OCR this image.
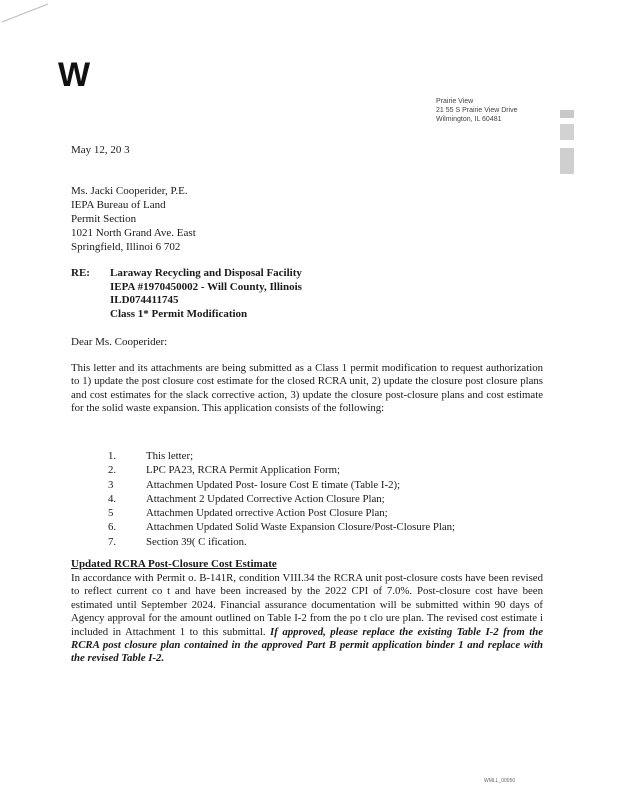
W
Prairie View
21 55 S Prairie View Drive
Wilmington, IL 60481
May 12, 20 3
Ms. Jacki Cooperider, P.E.
IEPA Bureau of Land
Permit Section
1021 North Grand Ave. East
Springfield, Illinoi 6 702
RE: Laraway Recycling and Disposal Facility
IEPA #1970450002 - Will County, Illinois
ILD074411745
Class 1* Permit Modification
Dear Ms. Cooperider:
This letter and its attachments are being submitted as a Class 1 permit modification to request authorization to 1) update the post closure cost estimate for the closed RCRA unit, 2) update the closure post closure plans and cost estimates for the slack corrective action, 3) update the closure post-closure plans and cost estimate for the solid waste expansion. This application consists of the following:
1.	This letter;
2.	LPC PA23, RCRA Permit Application Form;
3	Attachmen Updated Post- losure Cost E timate (Table I-2);
4.	Attachment 2 Updated Corrective Action Closure Plan;
5	Attachmen Updated orrective Action Post Closure Plan;
6.	Attachmen Updated Solid Waste Expansion Closure/Post-Closure Plan;
7.	Section 39( C ification.
Updated RCRA Post-Closure Cost Estimate
In accordance with Permit o. B-141R, condition VIII.34 the RCRA unit post-closure costs have been revised to reflect current co t and have been increased by the 2022 CPI of 7.0%. Post-closure cost have been estimated until September 2024. Financial assurance documentation will be submitted within 90 days of Agency approval for the amount outlined on Table I-2 from the po t clo ure plan. The revised cost estimate i included in Attachment 1 to this submittal. If approved, please replace the existing Table I-2 from the RCRA post closure plan contained in the approved Part B permit application binder 1 and replace with the revised Table I-2.
WMLL_00050
